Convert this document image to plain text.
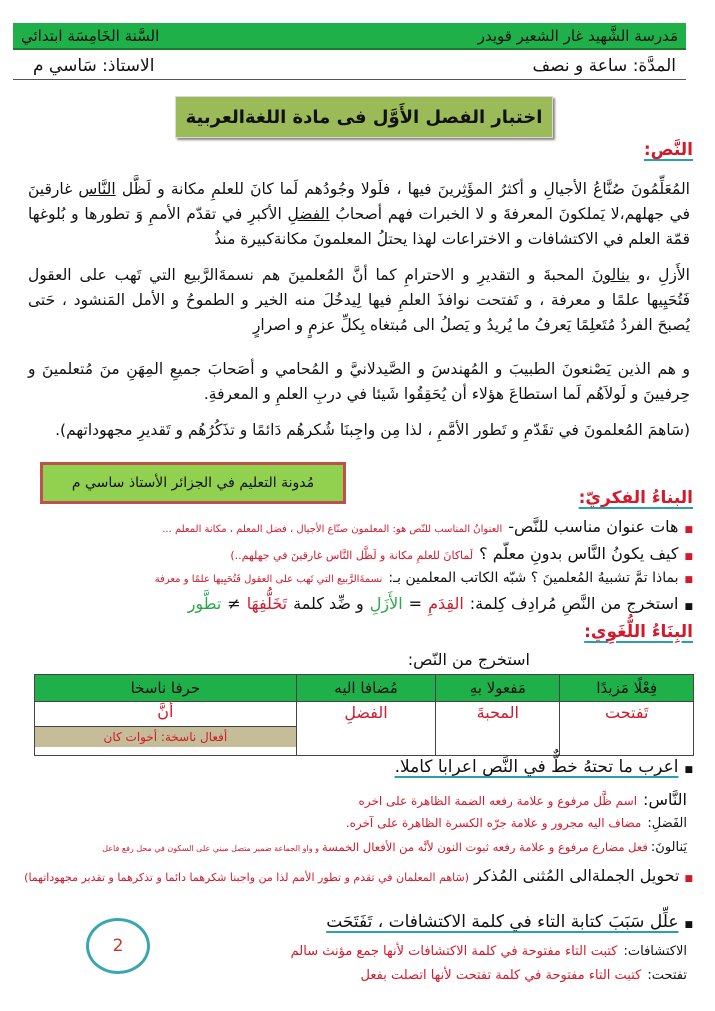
مَدرسة الشَّهيد غار الشعير قويدر
السَّنة الخَامِسَة ابتدائي
المدَّة: ساعة و نصف
الاستاذ: سَاسي م
اختبار الفصل الأَوَّل فى مادة اللغةالعربية
النَّص:
المُعَلِّمُونَ صُنَّاعُ الأجيالِ و أكثرُ المؤَثِرينَ فيها ، فلَولا وجُودُهم لَما كانَ للعلمِ مكانة و لَظَّل النَّاس غارقينَ في جهلهم،لا يَملكونَ المعرفةَ و لا الخبرات فهم أصحابُ الفضلِ الأكبرِ في تقدّم الأممِ وَ تطورها و بُلوغها قمّة العلم في الاكتشافات و الاختراعات لهذا يحتلُ المعلمونَ مكانةكبيرة منذُ
الأَزلِ ،و ينالونَ المحبةَ و التقديرِ و الاحترامِ كما أنَّ المُعلمينَ هم نسمةَالرَّبيع التي تَهب على العقول فَتُحَيِيها علمًا و معرفة ، و تَفتحت نوافذَ العلمِ فيها لِيدخُلَ منه الخير و الطموحُ و الأمل المَنشود ، حَتى يُصبحَ الفردُ مُتَعلِمًا يَعرفُ ما يُريدُ و يَصلُ الى مُبتغاه بِكلِّ عزمٍ و اصرارٍ
و هم الذين يَصْنعونَ الطبيبَ و المُهندسَ و الصَّيدلانيَّ و المُحامي و أصَحابَ جميعِ المِهَنِ منَ مُتعلمينَ و حِرفيينَ و لَولاَهُم لَما استطاعَ هؤلاء أن يُحَقِقُوا شَيئا في دربِ العلمِ و المعرفةِ.
(سَاهمَ المُعلمونَ في تقَدّمِ و تَطور الأمَّمِ ، لذا مِن واجِبنَا شُكرهُم دَائمًا و تذَكُرُهُم و تَقديرِ مجهوداتهم).
مُدونة التعليم في الجزائر الأستاذ ساسي م
البناءُ الفكريّ:
■
هات عنوان مناسب للنَّص-
العنوانُ المناسب للنّص هو: المعلمون صنّاع الأجيال ، فضل المعلم ، مكانة المعلم ...
■
كيف يكونُ النَّاس بدونِ معلّم ؟
لَماكانَ للعلمِ مكانة و لَظَّل النَّاس غارقينَ في جهلهم..)
■
بماذا تمَّ تشبيهُ المُعلمينَ ؟ شبّه الكاتب المعلمين بـ:
نسمةَالرَّبيع التي تَهب على العقول فَتُحَيِيها علمًا و معرفة
■
استخرج من النَّصِ مُرادِف كِلمة:
القِدَمِ
=
الأَزَلِ
و ضِّد كلمة
تَخَلُّفِهَا
≠
تطَّور
البِنَاءُ اللُّغَوِي:
استخرج من النّص:
فِعْلًا مَزيدًا	مَفعولا بهِ	مُضافا اليه	حرفا ناسخا
تَفتحت	المحبةَ	الفضلِ	أنَّ
أفعال ناسخة: أخوات كان
■
اعرب ما تحتهُ خطٌّ في النَّص اعرابا كاملا.
النَّاس:
اسم ظَّل مرفوع و علامة رفعه الضمة الظاهرة على اخره
الفَضلِ:
مضاف اليه مجرور و علامة جرّه الكسرة الظاهرة على آخره.
يَنالونَ:
فعل مضارع مرفوع و علامة رفعه ثبوت النون لأنَّه من الأفعال الخمسة
و واو الجماعة ضمير متصل مبني على السكون في محل رفع فاعل
■ تحويل الجملةالى المُثنى المُذكر (سَاهم المعلمان في تقدم و تطور الأمم لذا من واجبنا شكرهما دائما و تذكرهما و تقدير مجهوداتهما)
■
علِّل سَبَبَ كتابة التاء في كلمة الاكتشافات ، تَفَتَحَت
الاكتشافات:
كتبت التاء مفتوحة في كلمة الاكتشافات لأنها جمع مؤنث سالم
تفتحت:
كتبت التاء مفتوحة في كلمة تفتحت لأنها اتصلت بفعل
2
